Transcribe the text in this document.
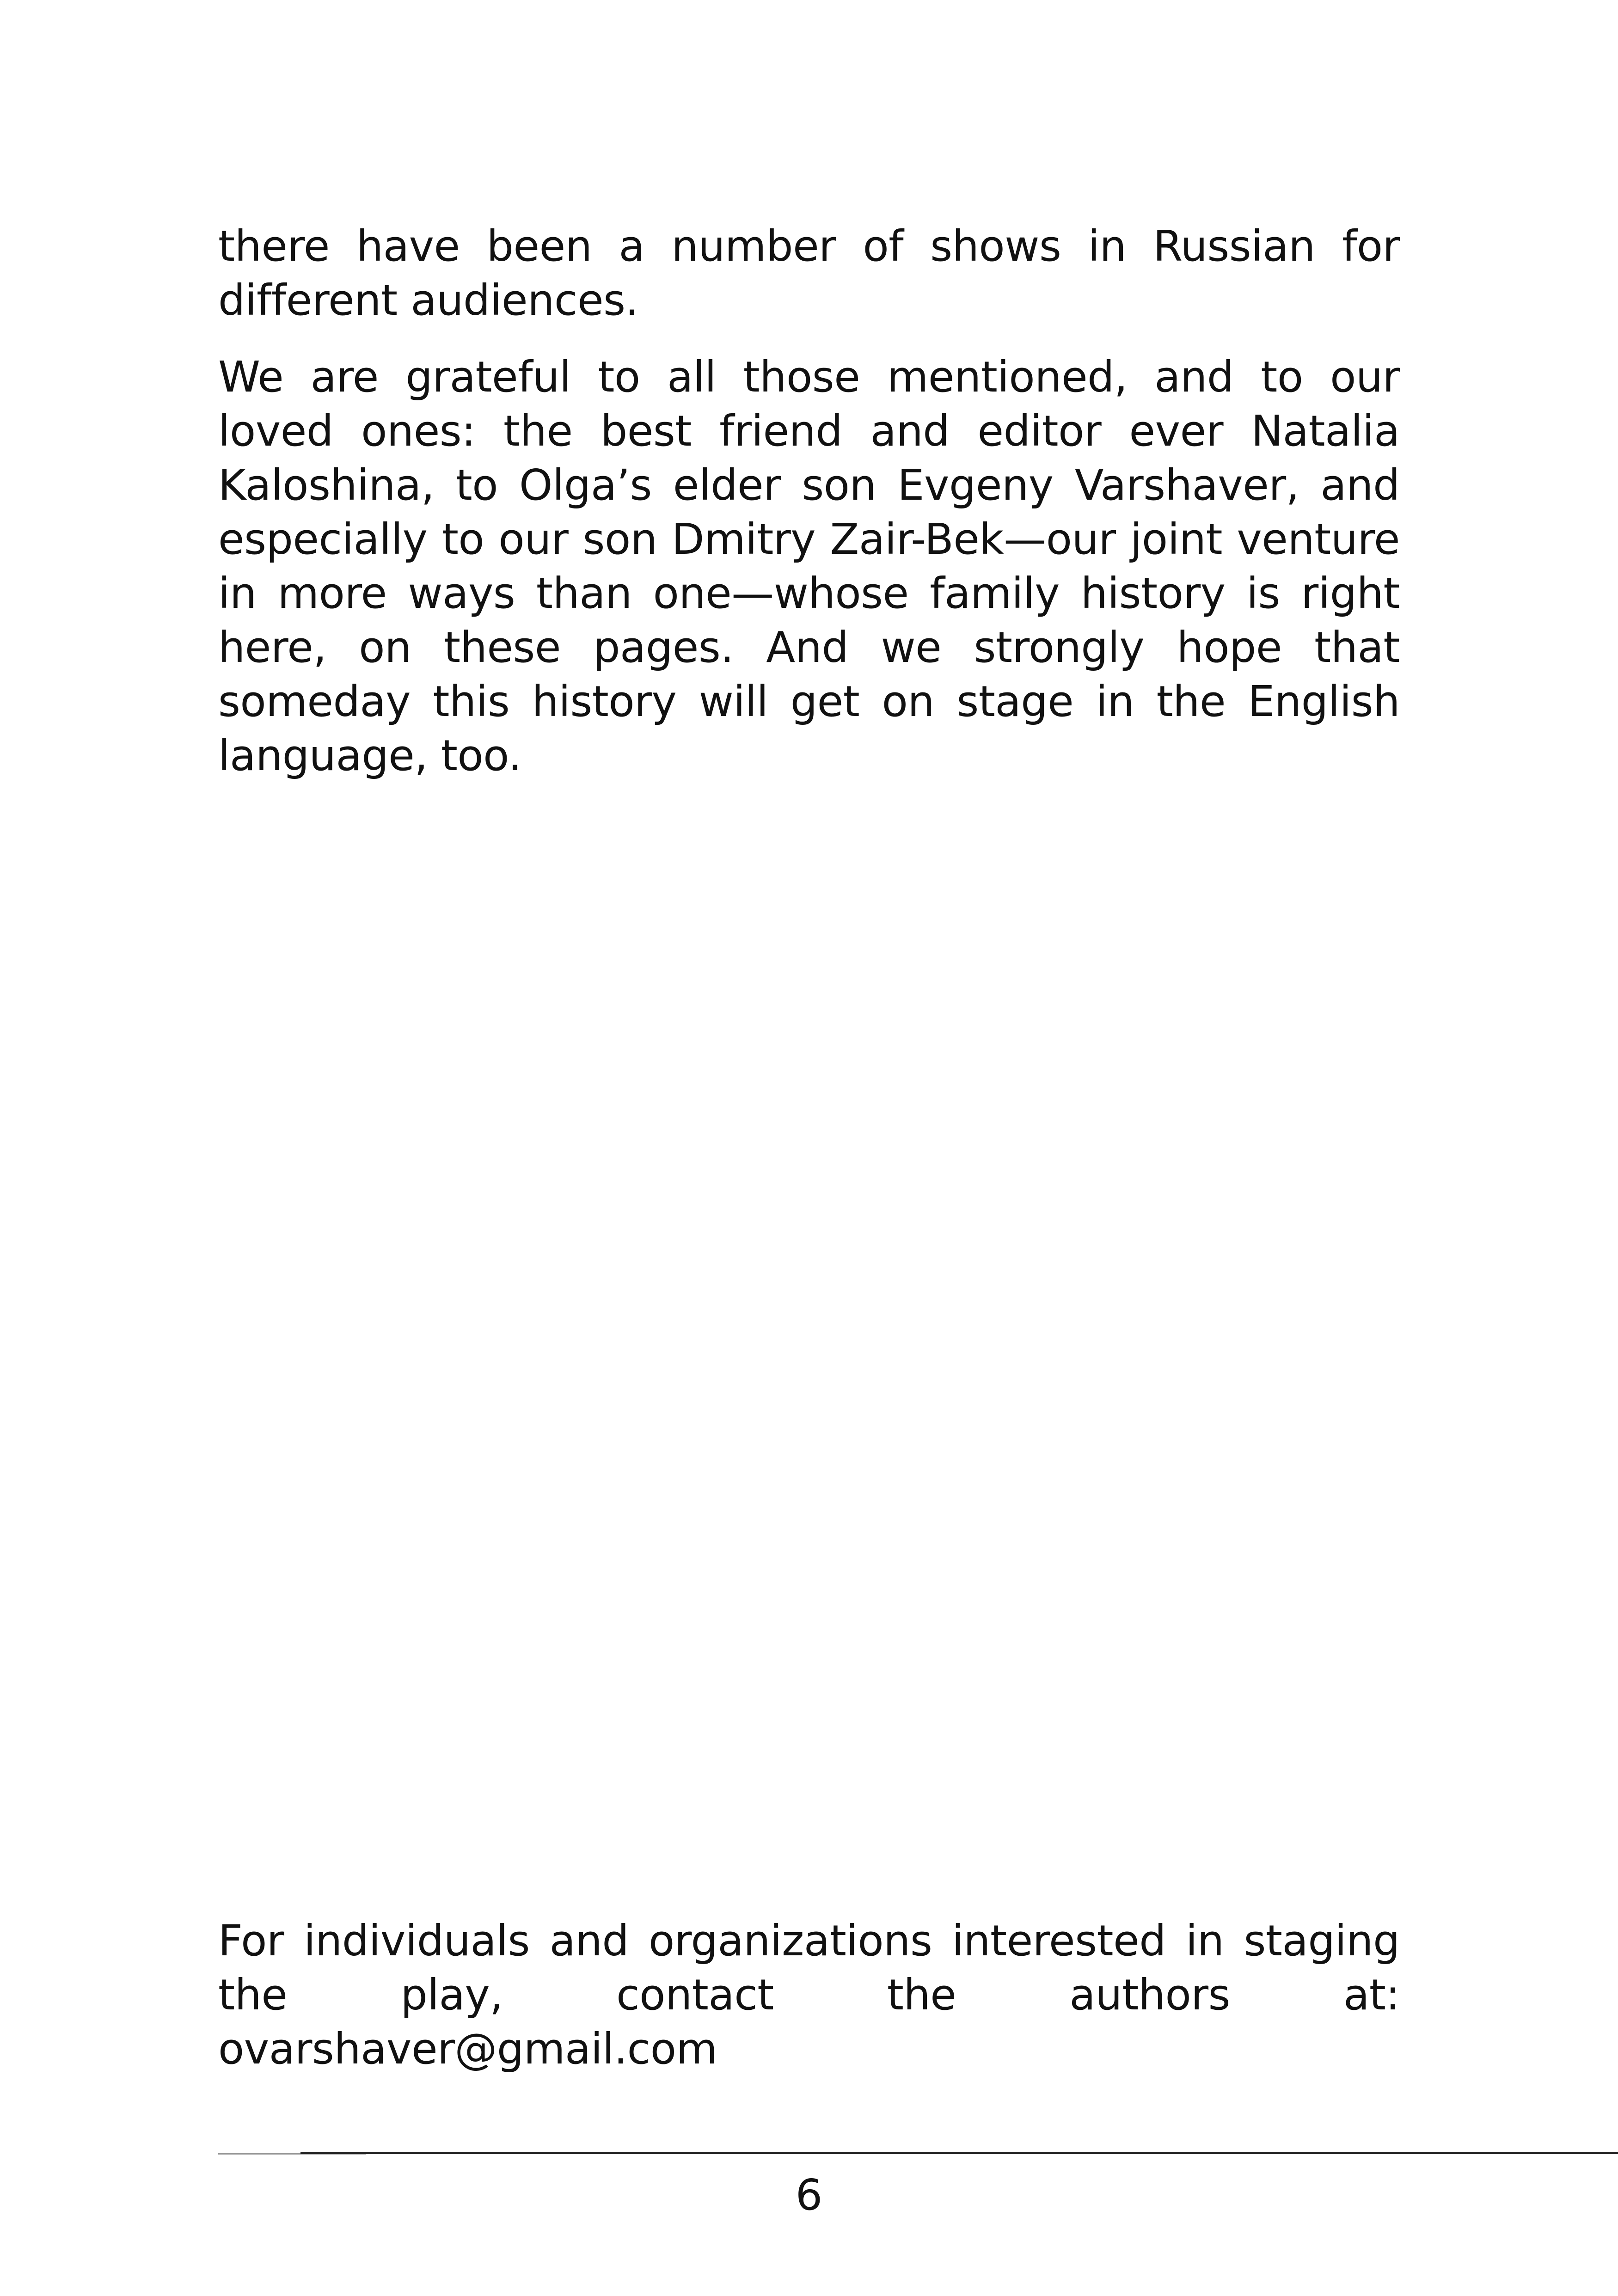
there have been a number of shows in Russian for different audiences.

We are grateful to all those mentioned, and to our loved ones: the best friend and editor ever Natalia Kaloshina, to Olga’s elder son Evgeny Varshaver, and especially to our son Dmitry Zair-Bek—our joint venture in more ways than one—whose family history is right here, on these pages. And we strongly hope that someday this history will get on stage in the English language, too.

For individuals and organizations interested in staging the play, contact the authors at: ovarshaver@gmail.com

6
